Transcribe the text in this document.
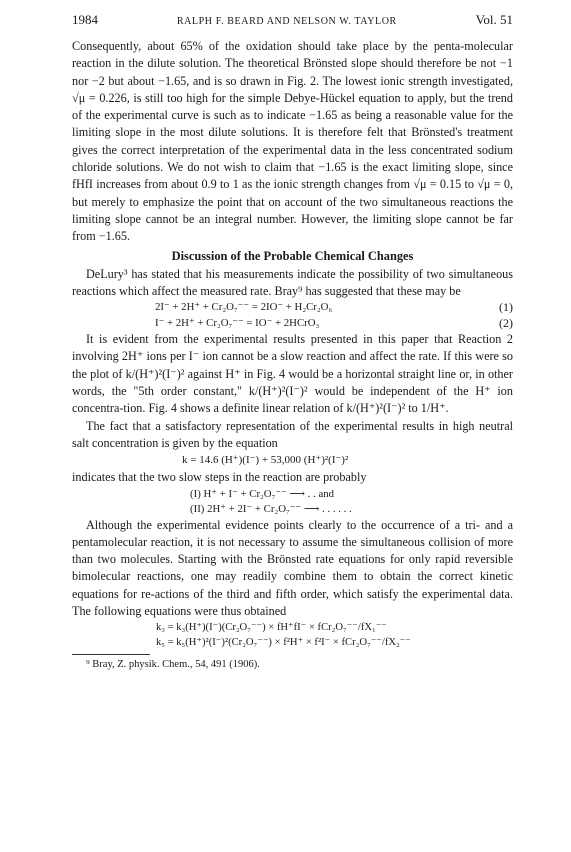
1984	RALPH F. BEARD AND NELSON W. TAYLOR	Vol. 51

Consequently, about 65% of the oxidation should take place by the penta-molecular reaction in the dilute solution. The theoretical Brönsted slope should therefore be not −1 nor −2 but about −1.65, and is so drawn in Fig. 2. The lowest ionic strength investigated, √μ = 0.226, is still too high for the simple Debye-Hückel equation to apply, but the trend of the experimental curve is such as to indicate −1.65 as being a reasonable value for the limiting slope in the most dilute solutions. It is therefore felt that Brönsted's treatment gives the correct interpretation of the experimental data in the less concentrated sodium chloride solutions. We do not wish to claim that −1.65 is the exact limiting slope, since fHfI increases from about 0.9 to 1 as the ionic strength changes from √μ = 0.15 to √μ = 0, but merely to emphasize the point that on account of the two simultaneous reactions the limiting slope cannot be an integral number. However, the limiting slope cannot be far from −1.65.

Discussion of the Probable Chemical Changes

DeLury³ has stated that his measurements indicate the possibility of two simultaneous reactions which affect the measured rate. Bray⁹ has suggested that these may be

2I⁻ + 2H⁺ + Cr₂O₇⁻⁻ = 2IO⁻ + H₂Cr₂O₆	(1)
I⁻ + 2H⁺ + Cr₂O₇⁻⁻ = IO⁻ + 2HCrO₃	(2)

It is evident from the experimental results presented in this paper that Reaction 2 involving 2H⁺ ions per I⁻ ion cannot be a slow reaction and affect the rate. If this were so the plot of k/(H⁺)²(I⁻)² against H⁺ in Fig. 4 would be a horizontal straight line or, in other words, the "5th order constant," k/(H⁺)²(I⁻)² would be independent of the H⁺ ion concentra-tion. Fig. 4 shows a definite linear relation of k/(H⁺)²(I⁻)² to 1/H⁺.

The fact that a satisfactory representation of the experimental results in high neutral salt concentration is given by the equation

k = 14.6 (H⁺)(I⁻) + 53,000 (H⁺)²(I⁻)²

indicates that the two slow steps in the reaction are probably

(I) H⁺ + I⁻ + Cr₂O₇⁻⁻ ⟶ . . and
(II) 2H⁺ + 2I⁻ + Cr₂O₇⁻⁻ ⟶ . . . . . .

Although the experimental evidence points clearly to the occurrence of a tri- and a pentamolecular reaction, it is not necessary to assume the simultaneous collision of more than two molecules. Starting with the Brönsted rate equations for only rapid reversible bimolecular reactions, one may readily combine them to obtain the correct kinetic equations for re-actions of the third and fifth order, which satisfy the experimental data. The following equations were thus obtained

k₃ = k₃(H⁺)(I⁻)(Cr₂O₇⁻⁻) × fH⁺fI⁻ × fCr₂O₇⁻⁻/fX₁⁻⁻
k₅ = k₅(H⁺)²(I⁻)²(Cr₂O₇⁻⁻) × f²H⁺ × f²I⁻ × fCr₂O₇⁻⁻/fX₂⁻⁻
⁹ Bray, Z. physik. Chem., 54, 491 (1906).
